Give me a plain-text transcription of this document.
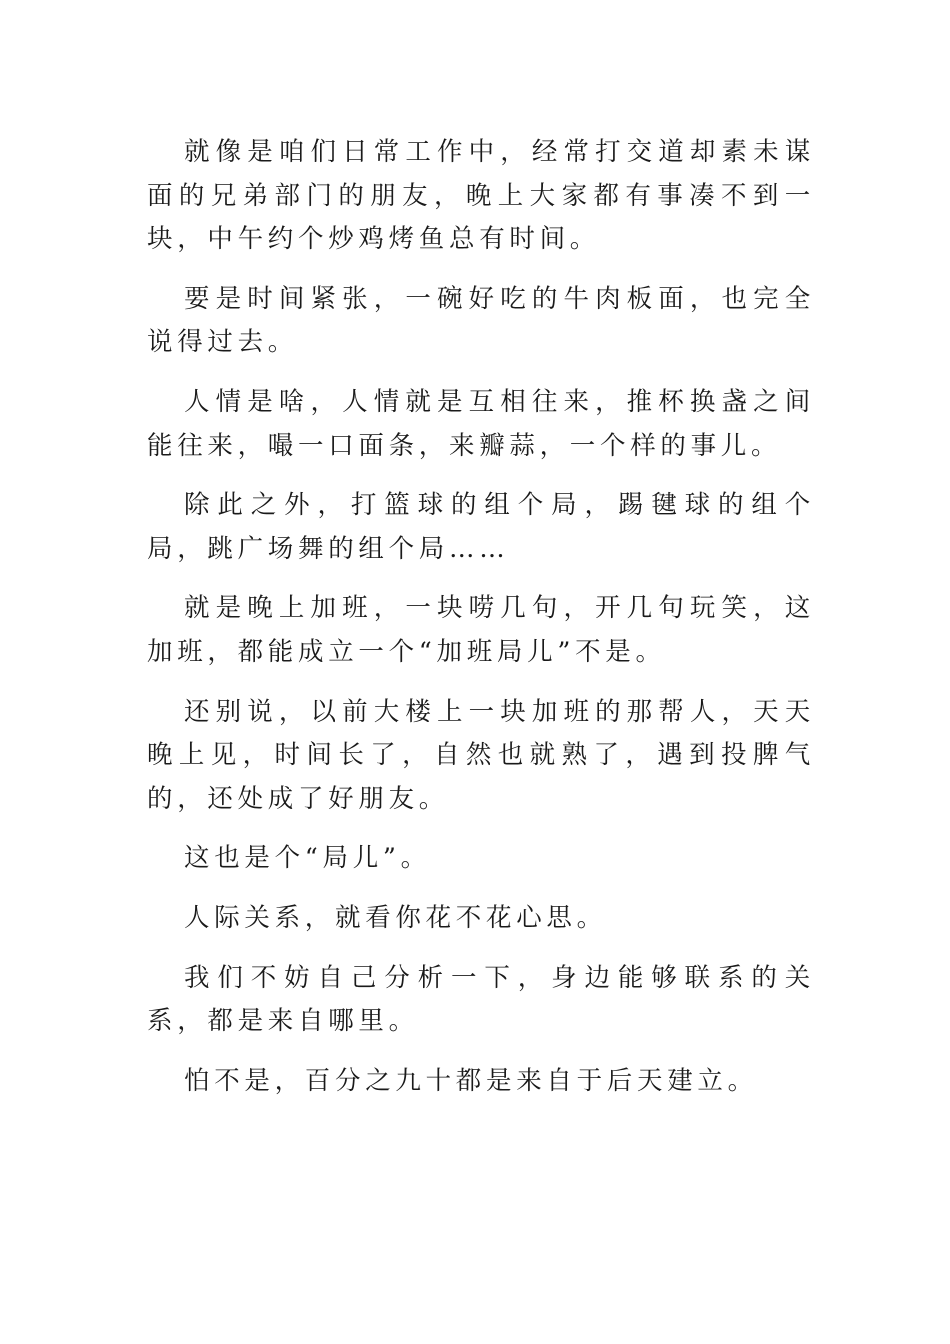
就像是咱们日常工作中，经常打交道却素未谋面的兄弟部门的朋友，晚上大家都有事凑不到一块，中午约个炒鸡烤鱼总有时间。

要是时间紧张，一碗好吃的牛肉板面，也完全说得过去。

人情是啥，人情就是互相往来，推杯换盏之间能往来，嘬一口面条，来瓣蒜，一个样的事儿。

除此之外，打篮球的组个局，踢毽球的组个局，跳广场舞的组个局……

就是晚上加班，一块唠几句，开几句玩笑，这加班，都能成立一个“加班局儿”不是。

还别说，以前大楼上一块加班的那帮人，天天晚上见，时间长了，自然也就熟了，遇到投脾气的，还处成了好朋友。

这也是个“局儿”。

人际关系，就看你花不花心思。

我们不妨自己分析一下，身边能够联系的关系，都是来自哪里。

怕不是，百分之九十都是来自于后天建立。
